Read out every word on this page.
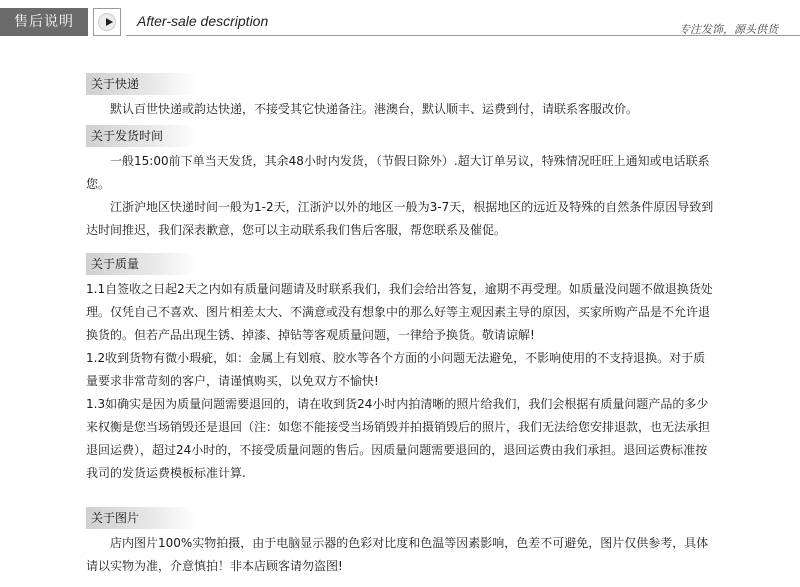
售后说明	After-sale description
专注发饰，源头供货
关于快递

默认百世快递或韵达快递，不接受其它快递备注。港澳台，默认顺丰、运费到付，请联系客服改价。

关于发货时间

一般15:00前下单当天发货，其余48小时内发货，（节假日除外）.超大订单另议，特殊情况旺旺上通知或电话联系您。

江浙沪地区快递时间一般为1-2天，江浙沪以外的地区一般为3-7天，根据地区的远近及特殊的自然条件原因导致到达时间推迟，我们深表歉意，您可以主动联系我们售后客服，帮您联系及催促。

关于质量

1.1自签收之日起2天之内如有质量问题请及时联系我们，我们会给出答复，逾期不再受理。如质量没问题不做退换货处理。仅凭自己不喜欢、图片相差太大、不满意或没有想象中的那么好等主观因素主导的原因，买家所购产品是不允许退换货的。但若产品出现生锈、掉漆、掉钻等客观质量问题，一律给予换货。敬请谅解!

1.2收到货物有微小瑕疵，如：金属上有划痕、胶水等各个方面的小问题无法避免，不影响使用的不支持退换。对于质量要求非常苛刻的客户，请谨慎购买，以免双方不愉快!

1.3如确实是因为质量问题需要退回的，请在收到货24小时内拍清晰的照片给我们，我们会根据有质量问题产品的多少来权衡是您当场销毁还是退回（注：如您不能接受当场销毁并拍摄销毁后的照片，我们无法给您安排退款，也无法承担退回运费），超过24小时的，不接受质量问题的售后。因质量问题需要退回的，退回运费由我们承担。退回运费标准按我司的发货运费模板标准计算.

关于图片

店内图片100%实物拍摄，由于电脑显示器的色彩对比度和色温等因素影响，色差不可避免，图片仅供参考，具体请以实物为准，介意慎拍！非本店顾客请勿盗图!
